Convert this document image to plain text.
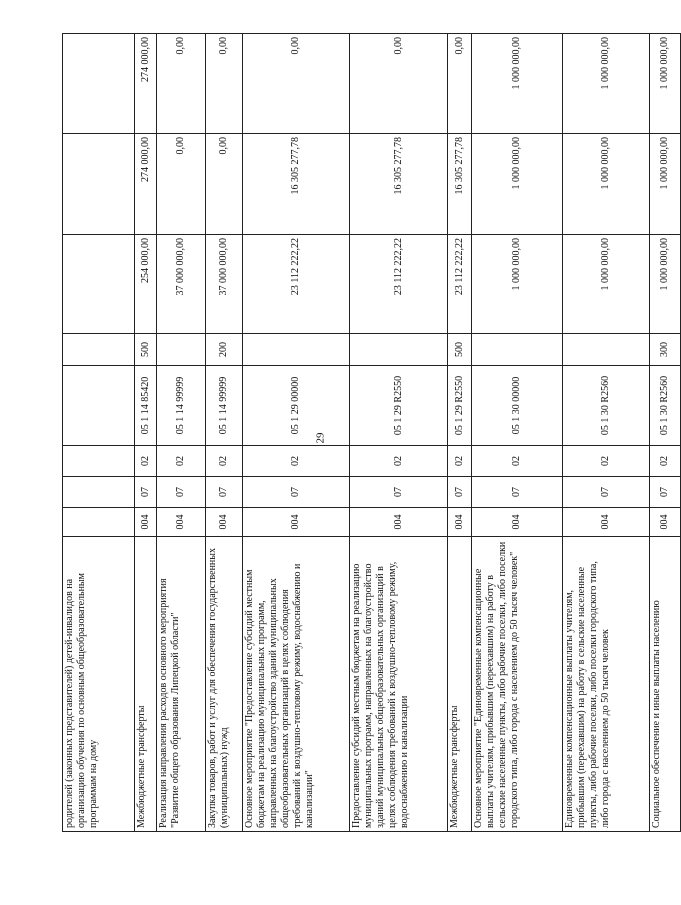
29
родителей (законных представителей) детей-инвалидов на организацию обучения по основным общеобразовательным программам на дому								
Межбюджетные трансферты	004	07	02	05 1 14 85420	500	254 000,00	274 000,00	274 000,00
Реализация направления расходов основного мероприятия "Развитие общего образования Липецкой области"	004	07	02	05 1 14 99999		37 000 000,00	0,00	0,00
Закупка товаров, работ и услуг для обеспечения государственных (муниципальных) нужд	004	07	02	05 1 14 99999	200	37 000 000,00	0,00	0,00
Основное мероприятие "Предоставление субсидий местным бюджетам на реализацию муниципальных программ, направленных на благоустройство зданий муниципальных общеобразовательных организаций в целях соблюдения требований к воздушно-тепловому режиму, водоснабжению и канализации"	004	07	02	05 1 29 00000		23 112 222,22	16 305 277,78	0,00
Предоставление субсидий местным бюджетам на реализацию муниципальных программ, направленных на благоустройство зданий муниципальных общеобразовательных организаций в целях соблюдения требований к воздушно-тепловому режиму, водоснабжению и канализации	004	07	02	05 1 29 R2550		23 112 222,22	16 305 277,78	0,00
Межбюджетные трансферты	004	07	02	05 1 29 R2550	500	23 112 222,22	16 305 277,78	0,00
Основное мероприятие "Единовременные компенсационные выплаты учителям, прибывшим (переехавшим) на работу в сельские населенные пункты, либо рабочие поселки, либо поселки городского типа, либо города с населением до 50 тысяч человек"	004	07	02	05 1 30 00000		1 000 000,00	1 000 000,00	1 000 000,00
Единовременные компенсационные выплаты учителям, прибывшим (переехавшим) на работу в сельские населенные пункты, либо рабочие поселки, либо поселки городского типа, либо города с населением до 50 тысяч человек	004	07	02	05 1 30 R2560		1 000 000,00	1 000 000,00	1 000 000,00
Социальное обеспечение и иные выплаты населению	004	07	02	05 1 30 R2560	300	1 000 000,00	1 000 000,00	1 000 000,00
